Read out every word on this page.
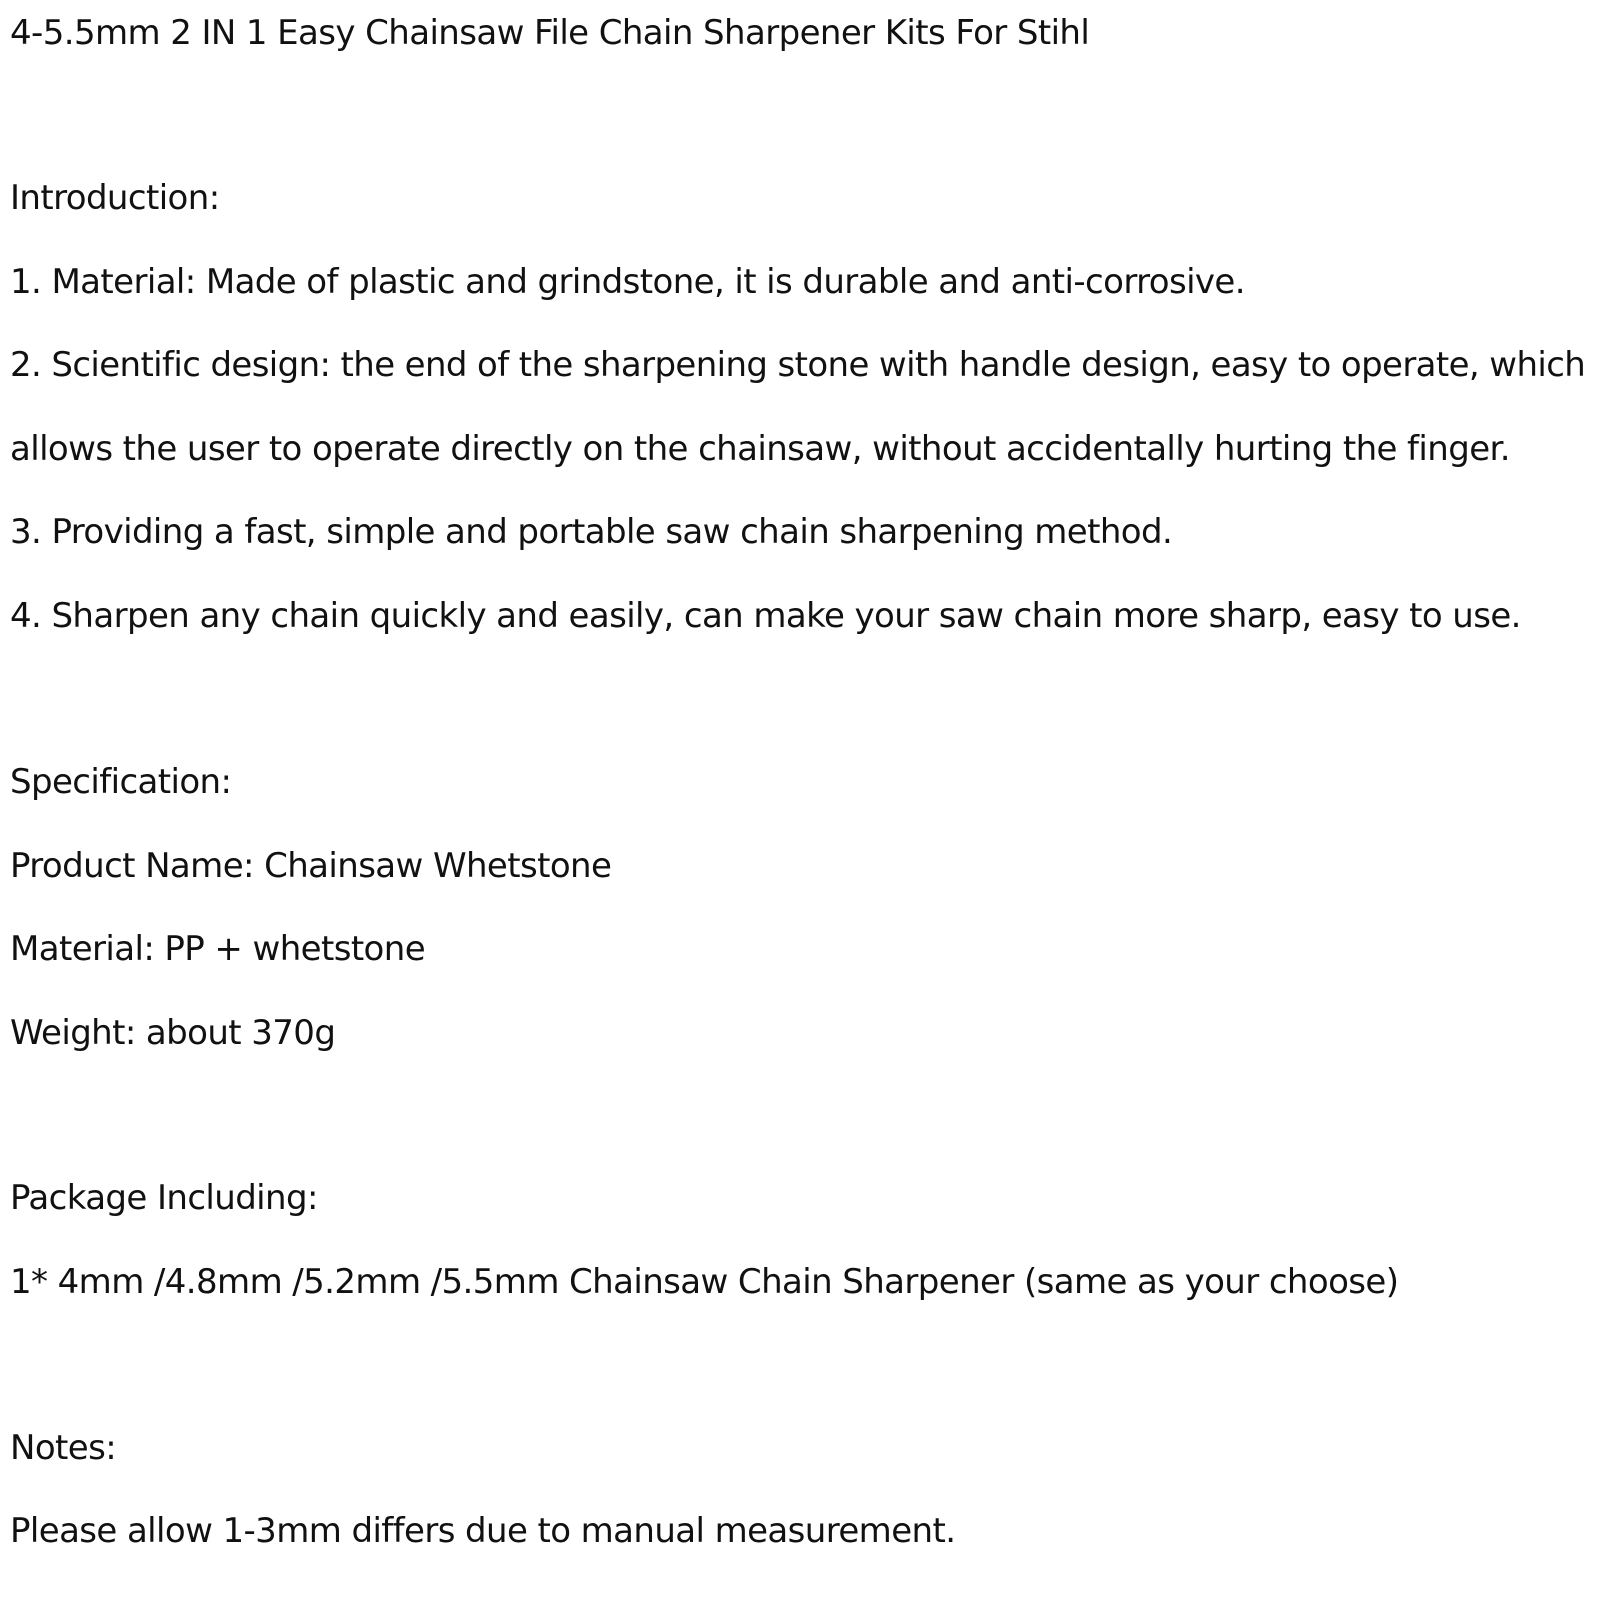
4-5.5mm 2 IN 1 Easy Chainsaw File Chain Sharpener Kits For Stihl
Introduction:
1. Material: Made of plastic and grindstone, it is durable and anti-corrosive.
2. Scientific design: the end of the sharpening stone with handle design, easy to operate, which
allows the user to operate directly on the chainsaw, without accidentally hurting the finger.
3. Providing a fast, simple and portable saw chain sharpening method.
4. Sharpen any chain quickly and easily, can make your saw chain more sharp, easy to use.
Specification:
Product Name: Chainsaw Whetstone
Material: PP + whetstone
Weight: about 370g
Package Including:
1* 4mm /4.8mm /5.2mm /5.5mm Chainsaw Chain Sharpener (same as your choose)
Notes:
Please allow 1-3mm differs due to manual measurement.
